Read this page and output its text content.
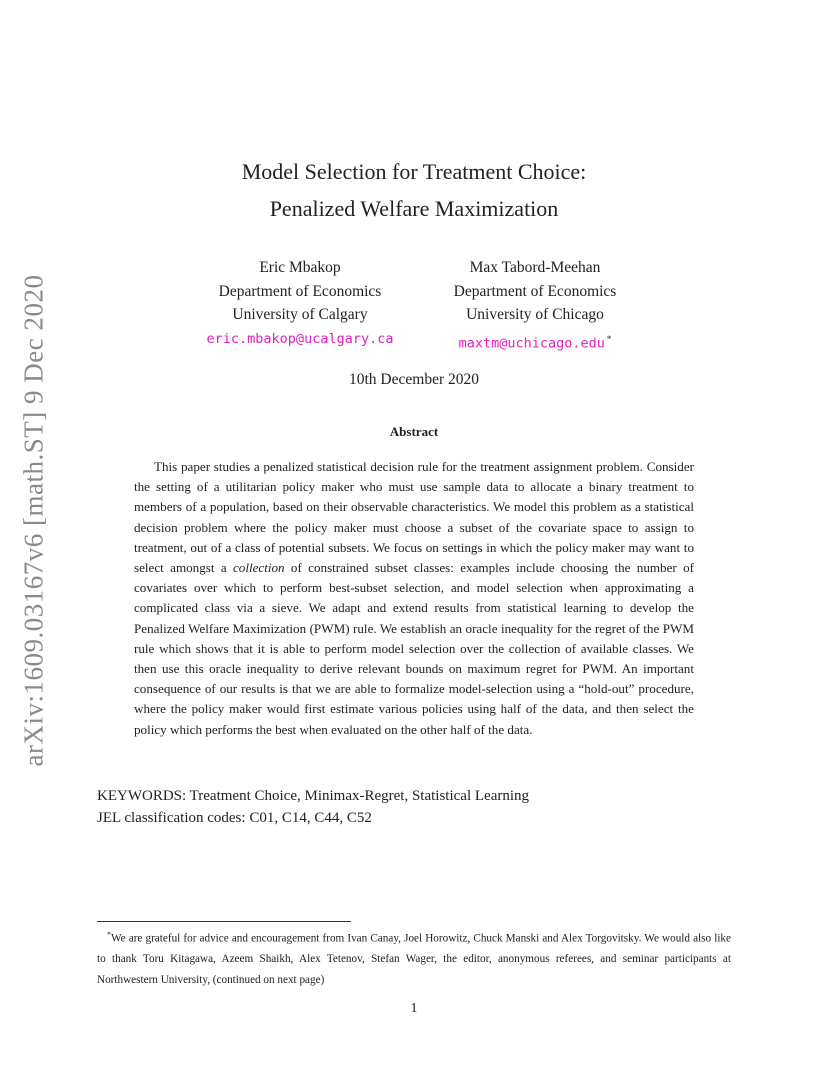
arXiv:1609.03167v6 [math.ST] 9 Dec 2020
Model Selection for Treatment Choice:
Penalized Welfare Maximization
Eric Mbakop
Department of Economics
University of Calgary
eric.mbakop@ucalgary.ca
Max Tabord-Meehan
Department of Economics
University of Chicago
maxtm@uchicago.edu *
10th December 2020
Abstract

This paper studies a penalized statistical decision rule for the treatment assignment problem. Consider the setting of a utilitarian policy maker who must use sample data to allocate a binary treatment to members of a population, based on their observable characteristics. We model this problem as a statistical decision problem where the policy maker must choose a subset of the covariate space to assign to treatment, out of a class of potential subsets. We focus on settings in which the policy maker may want to select amongst a collection of constrained subset classes: examples include choosing the number of covariates over which to perform best-subset selection, and model selection when approximating a complicated class via a sieve. We adapt and extend results from statistical learning to develop the Penalized Welfare Maximization (PWM) rule. We establish an oracle inequality for the regret of the PWM rule which shows that it is able to perform model selection over the collection of available classes. We then use this oracle inequality to derive relevant bounds on maximum regret for PWM. An important consequence of our results is that we are able to formalize model-selection using a “hold-out” procedure, where the policy maker would first estimate various policies using half of the data, and then select the policy which performs the best when evaluated on the other half of the data.

KEYWORDS: Treatment Choice, Minimax-Regret, Statistical Learning
JEL classification codes: C01, C14, C44, C52

*We are grateful for advice and encouragement from Ivan Canay, Joel Horowitz, Chuck Manski and Alex Torgovitsky. We would also like to thank Toru Kitagawa, Azeem Shaikh, Alex Tetenov, Stefan Wager, the editor, anonymous referees, and seminar participants at Northwestern University, (continued on next page)

1
